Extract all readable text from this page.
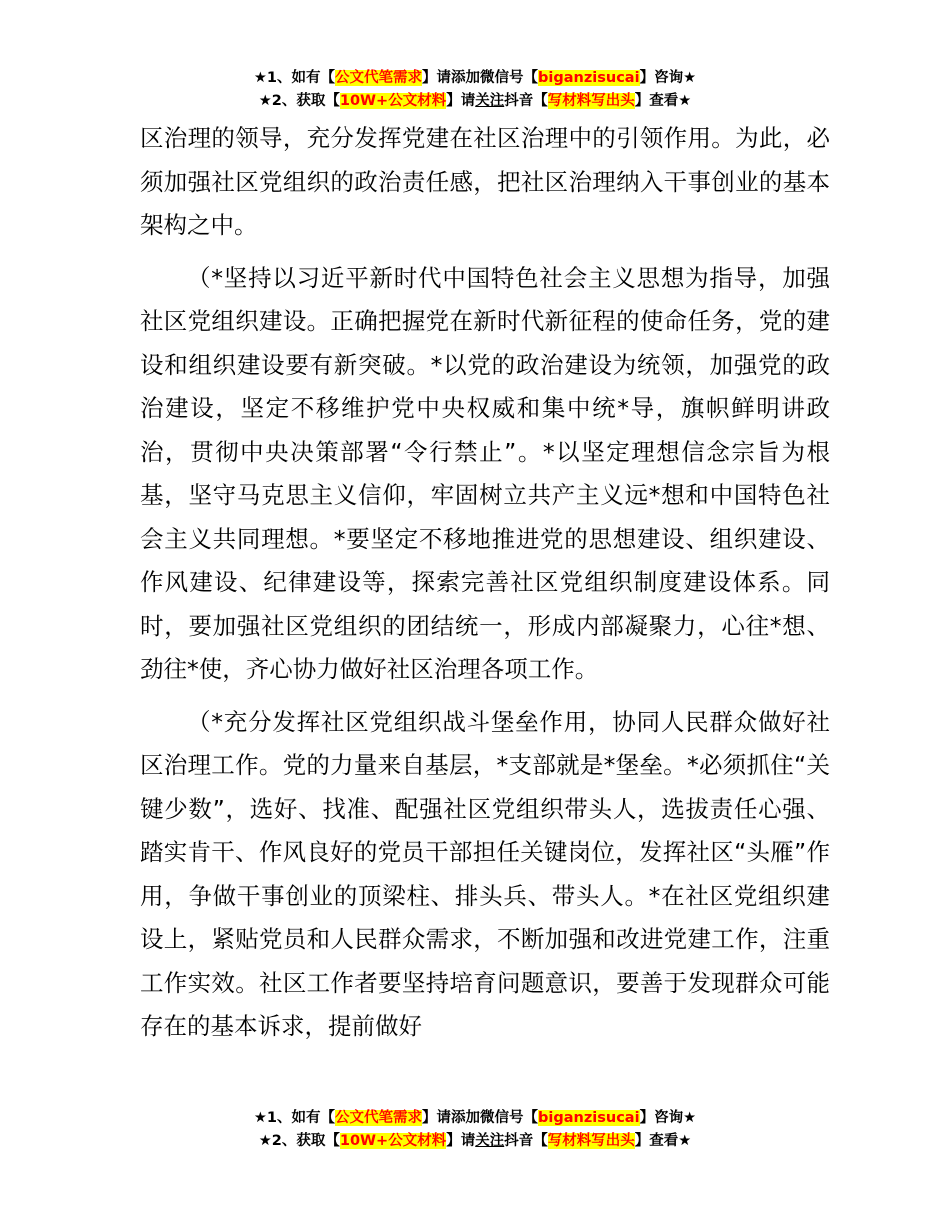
★1、如有【公文代笔需求】请添加微信号【biganzisucai】咨询★
★2、获取【10W+公文材料】请关注抖音【写材料写出头】查看★

区治理的领导，充分发挥党建在社区治理中的引领作用。为此，必须加强社区党组织的政治责任感，把社区治理纳入干事创业的基本架构之中。

（*坚持以习近平新时代中国特色社会主义思想为指导，加强社区党组织建设。正确把握党在新时代新征程的使命任务，党的建设和组织建设要有新突破。*以党的政治建设为统领，加强党的政治建设，坚定不移维护党中央权威和集中统*导，旗帜鲜明讲政治，贯彻中央决策部署“令行禁止”。*以坚定理想信念宗旨为根基，坚守马克思主义信仰，牢固树立共产主义远*想和中国特色社会主义共同理想。*要坚定不移地推进党的思想建设、组织建设、作风建设、纪律建设等，探索完善社区党组织制度建设体系。同时，要加强社区党组织的团结统一，形成内部凝聚力，心往*想、劲往*使，齐心协力做好社区治理各项工作。

（*充分发挥社区党组织战斗堡垒作用，协同人民群众做好社区治理工作。党的力量来自基层，*支部就是*堡垒。*必须抓住“关键少数”，选好、找准、配强社区党组织带头人，选拔责任心强、踏实肯干、作风良好的党员干部担任关键岗位，发挥社区“头雁”作用，争做干事创业的顶梁柱、排头兵、带头人。*在社区党组织建设上，紧贴党员和人民群众需求，不断加强和改进党建工作，注重工作实效。社区工作者要坚持培育问题意识，要善于发现群众可能存在的基本诉求，提前做好

★1、如有【公文代笔需求】请添加微信号【biganzisucai】咨询★
★2、获取【10W+公文材料】请关注抖音【写材料写出头】查看★
